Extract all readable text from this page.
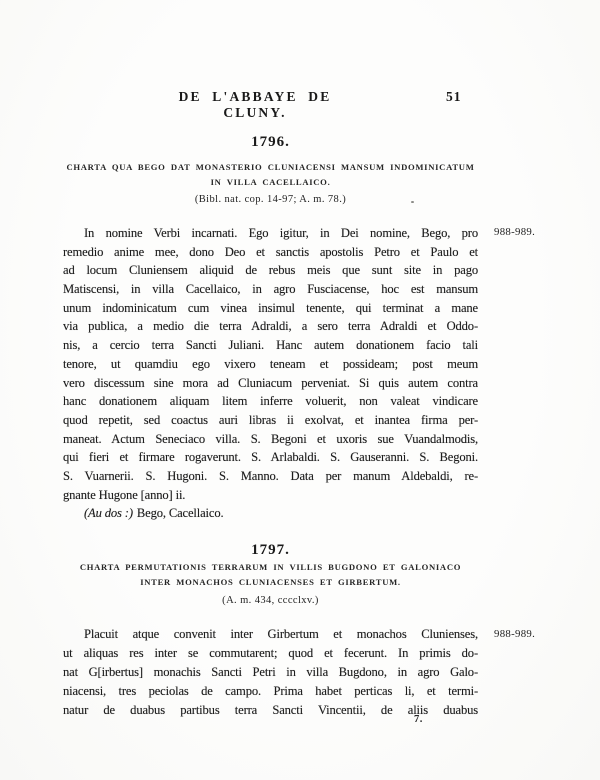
DE L'ABBAYE DE CLUNY.
51
1796.
CHARTA QUA BEGO DAT MONASTERIO CLUNIACENSI MANSUM INDOMINICATUM
IN VILLA CACELLAICO.
(Bibl. nat. cop. 14-97; A. m. 78.)
988-989.
In nomine Verbi incarnati. Ego igitur, in Dei nomine, Bego, pro
remedio anime mee, dono Deo et sanctis apostolis Petro et Paulo et
ad locum Cluniensem aliquid de rebus meis que sunt site in pago
Matiscensi, in villa Cacellaico, in agro Fusciacense, hoc est mansum
unum indominicatum cum vinea insimul tenente, qui terminat a mane
via publica, a medio die terra Adraldi, a sero terra Adraldi et Oddo-
nis, a cercio terra Sancti Juliani. Hanc autem donationem facio tali
tenore, ut quamdiu ego vixero teneam et possideam; post meum
vero discessum sine mora ad Cluniacum perveniat. Si quis autem contra
hanc donationem aliquam litem inferre voluerit, non valeat vindicare
quod repetit, sed coactus auri libras ii exolvat, et inantea firma per-
maneat. Actum Seneciaco villa. S. Begoni et uxoris sue Vuandalmodis,
qui fieri et firmare rogaverunt. S. Arlabaldi. S. Gauseranni. S. Begoni.
S. Vuarnerii. S. Hugoni. S. Manno. Data per manum Aldebaldi, re-
gnante Hugone [anno] ii.
(Au dos :) Bego, Cacellaico.
1797.
CHARTA PERMUTATIONIS TERRARUM IN VILLIS BUGDONO ET GALONIACO
INTER MONACHOS CLUNIACENSES ET GIRBERTUM.
(A. m. 434, cccclxv.)
988-989.
Placuit atque convenit inter Girbertum et monachos Clunienses,
ut aliquas res inter se commutarent; quod et fecerunt. In primis do-
nat G[irbertus] monachis Sancti Petri in villa Bugdono, in agro Galo-
niacensi, tres peciolas de campo. Prima habet perticas li, et termi-
natur de duabus partibus terra Sancti Vincentii, de aliis duabus
7.
